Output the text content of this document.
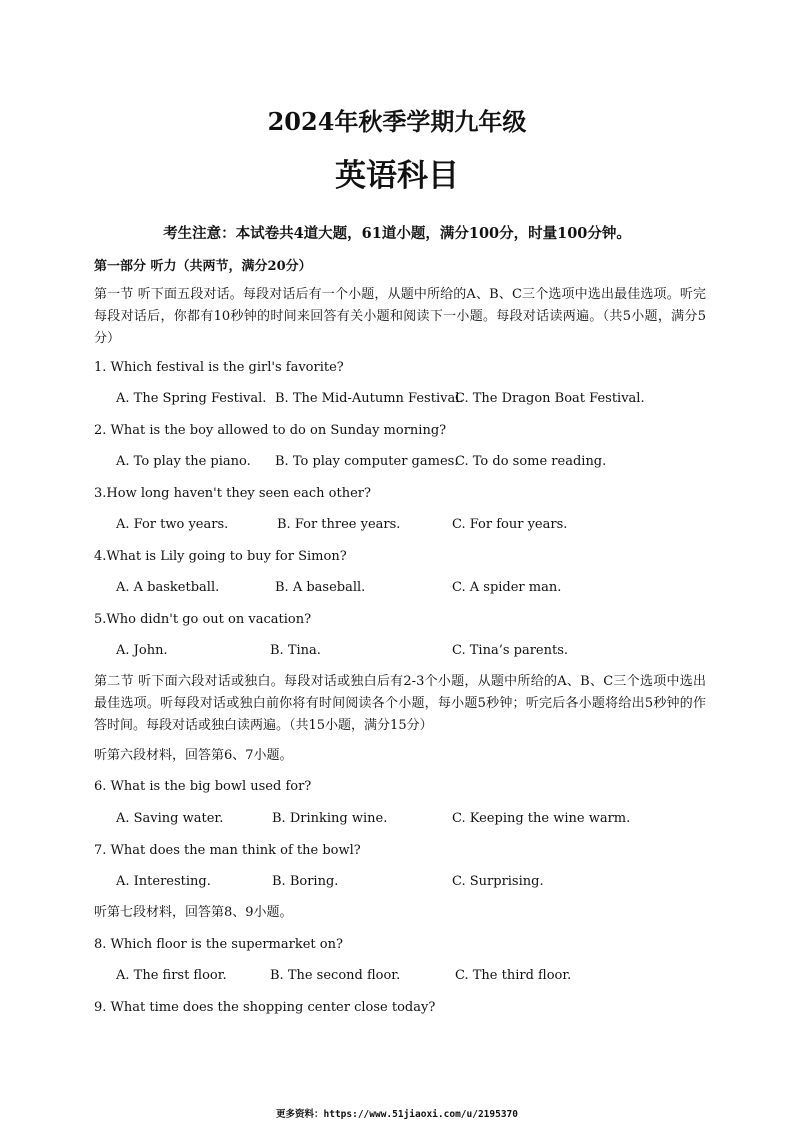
2024年秋季学期九年级
英语科目
考生注意：本试卷共4道大题，61道小题，满分100分，时量100分钟。
第一部分 听力（共两节，满分20分）
第一节 听下面五段对话。每段对话后有一个小题，从题中所给的A、B、C三个选项中选出最佳选项。听完每段对话后，你都有10秒钟的时间来回答有关小题和阅读下一小题。每段对话读两遍。（共5小题，满分5分）
1. Which festival is the girl's favorite?
A. The Spring Festival. B. The Mid-Autumn Festival.
C. The Dragon Boat Festival.
2. What is the boy allowed to do on Sunday morning?
A. To play the piano. B. To play computer games.
C. To do some reading.
3.How long haven't they seen each other?
A. For two years.	B. For three years.	C. For four years.
4.What is Lily going to buy for Simon?
A. A basketball.	B. A baseball.	C. A spider man.
5.Who didn't go out on vacation?
A. John.	B. Tina.	C. Tina’s parents.
第二节 听下面六段对话或独白。每段对话或独白后有2-3个小题，从题中所给的A、B、C三个选项中选出最佳选项。听每段对话或独白前你将有时间阅读各个小题，每小题5秒钟；听完后各小题将给出5秒钟的作答时间。每段对话或独白读两遍。（共15小题，满分15分）
听第六段材料，回答第6、7小题。
6. What is the big bowl used for?
A. Saving water.	B. Drinking wine.	C. Keeping the wine warm.
7. What does the man think of the bowl?
A. Interesting.	B. Boring.	C. Surprising.
听第七段材料，回答第8、9小题。
8. Which floor is the supermarket on?
A. The first floor.	B. The second floor.	C. The third floor.
9. What time does the shopping center close today?
更多资料：https://www.51jiaoxi.com/u/2195370
